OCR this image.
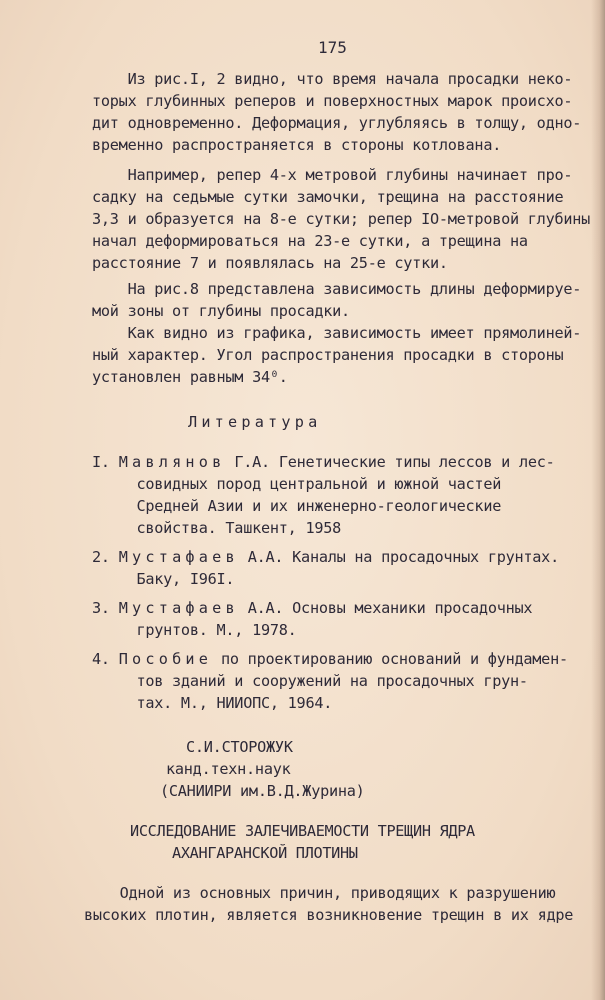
175
Из рис.I, 2 видно, что время начала просадки неко-
торых глубинных реперов и поверхностных марок происхо-
дит одновременно. Деформация, углубляясь в толщу, одно-
временно распространяется в стороны котлована.
Например, репер 4-х метровой глубины начинает про-
садку на седьмые сутки замочки, трещина на расстояние
3,3 и образуется на 8-е сутки; репер IO-метровой глубины
начал деформироваться на 23-е сутки, а трещина на
расстояние 7 и появлялась на 25-е сутки.
На рис.8 представлена зависимость длины деформируе-
мой зоны от глубины просадки.
Как видно из графика, зависимость имеет прямолиней-
ный характер. Угол распространения просадки в стороны
установлен равным 34⁰.
Литература
I. Мавлянов Г.А. Генетические типы лессов и лес-
совидных пород центральной и южной частей
Средней Азии и их инженерно-геологические
свойства. Ташкент, 1958
2. Мустафаев А.А. Каналы на просадочных грунтах.
Баку, I96I.
3. Мустафаев А.А. Основы механики просадочных
грунтов. М., 1978.
4. Пособие по проектированию оснований и фундамен-
тов зданий и сооружений на просадочных грун-
тах. М., НИИОПС, 1964.
С.И.СТОРОЖУК
канд.техн.наук
(САНИИРИ им.В.Д.Журина)
ИССЛЕДОВАНИЕ ЗАЛЕЧИВАЕМОСТИ ТРЕЩИН ЯДРА
АХАНГАРАНСКОЙ ПЛОТИНЫ
Одной из основных причин, приводящих к разрушению
высоких плотин, является возникновение трещин в их ядре
